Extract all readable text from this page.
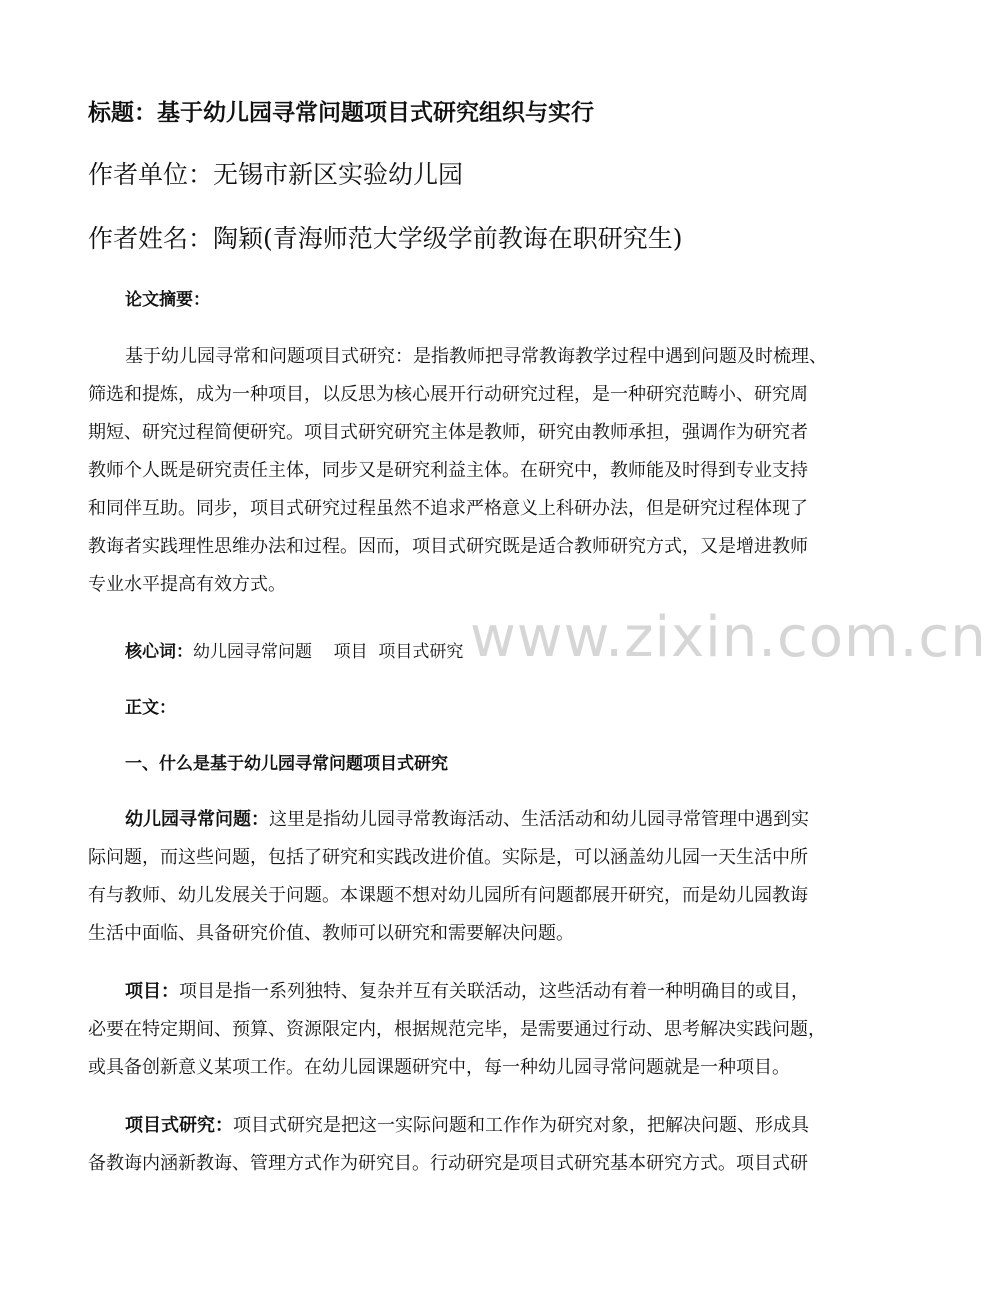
标题：基于幼儿园寻常问题项目式研究组织与实行
作者单位：无锡市新区实验幼儿园
作者姓名：陶颖(青海师范大学级学前教诲在职研究生)
论文摘要：
基于幼儿园寻常和问题项目式研究：是指教师把寻常教诲教学过程中遇到问题及时梳理、
筛选和提炼，成为一种项目，以反思为核心展开行动研究过程，是一种研究范畴小、研究周
期短、研究过程简便研究。项目式研究研究主体是教师，研究由教师承担，强调作为研究者
教师个人既是研究责任主体，同步又是研究利益主体。在研究中，教师能及时得到专业支持
和同伴互助。同步，项目式研究过程虽然不追求严格意义上科研办法，但是研究过程体现了
教诲者实践理性思维办法和过程。因而，项目式研究既是适合教师研究方式，又是增进教师
专业水平提高有效方式。
核心词：幼儿园寻常问题    项目  项目式研究
正文：
一、什么是基于幼儿园寻常问题项目式研究
幼儿园寻常问题：这里是指幼儿园寻常教诲活动、生活活动和幼儿园寻常管理中遇到实
际问题，而这些问题，包括了研究和实践改进价值。实际是，可以涵盖幼儿园一天生活中所
有与教师、幼儿发展关于问题。本课题不想对幼儿园所有问题都展开研究，而是幼儿园教诲
生活中面临、具备研究价值、教师可以研究和需要解决问题。
项目：项目是指一系列独特、复杂并互有关联活动，这些活动有着一种明确目的或目，
必要在特定期间、预算、资源限定内，根据规范完毕，是需要通过行动、思考解决实践问题，
或具备创新意义某项工作。在幼儿园课题研究中，每一种幼儿园寻常问题就是一种项目。
项目式研究：项目式研究是把这一实际问题和工作作为研究对象，把解决问题、形成具
备教诲内涵新教诲、管理方式作为研究目。行动研究是项目式研究基本研究方式。项目式研
www.zixin.com.cn
